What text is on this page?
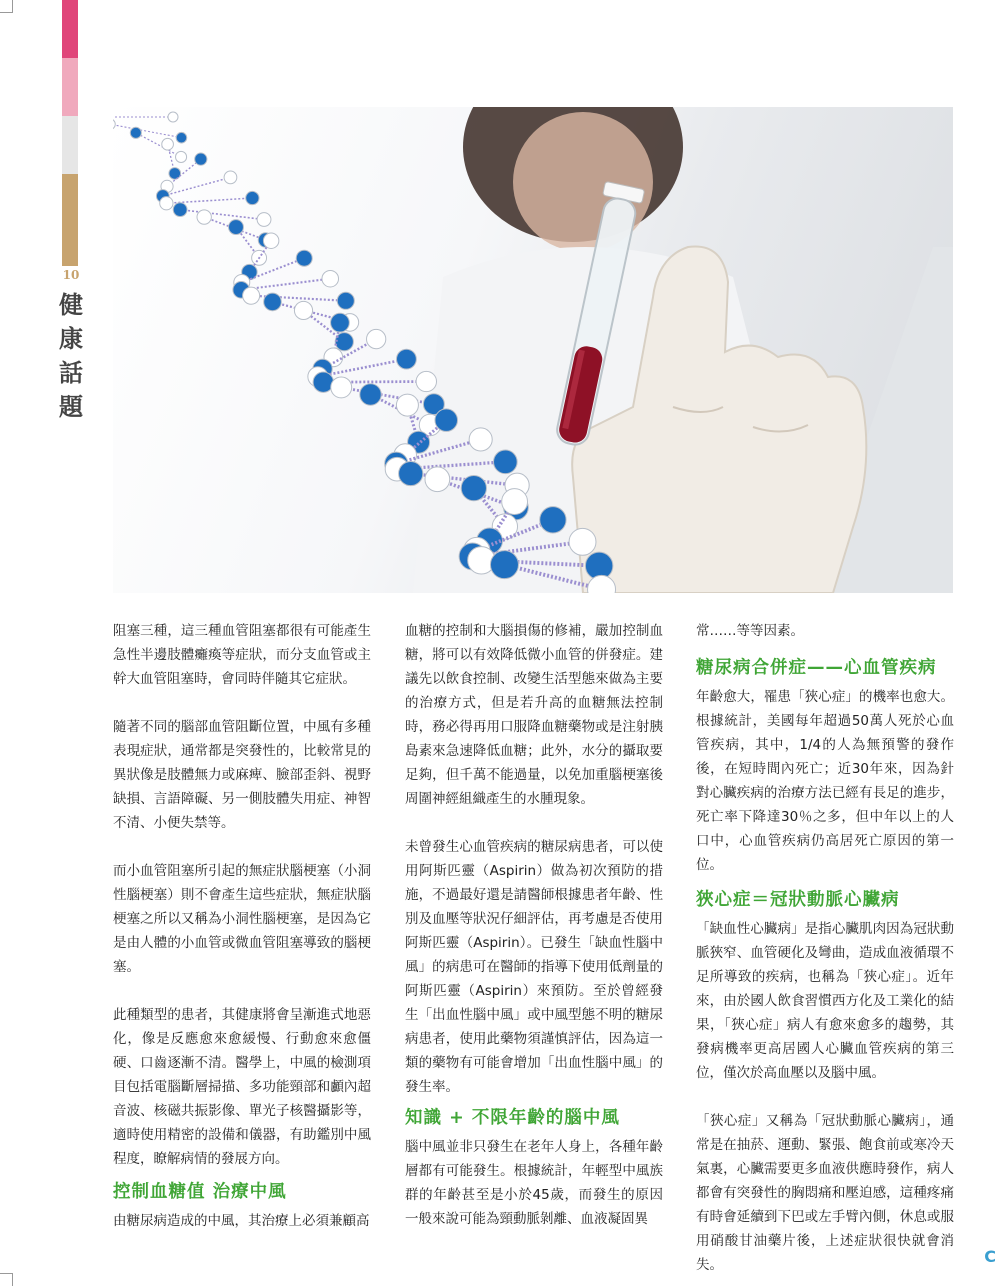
10
健康話題

阻塞三種，這三種血管阻塞都很有可能產生急性半邊肢體癱瘓等症狀，而分支血管或主幹大血管阻塞時，會同時伴隨其它症狀。

隨著不同的腦部血管阻斷位置，中風有多種表現症狀，通常都是突發性的，比較常見的異狀像是肢體無力或麻痺、臉部歪斜、視野缺損、言語障礙、另一側肢體失用症、神智不清、小便失禁等。

而小血管阻塞所引起的無症狀腦梗塞（小洞性腦梗塞）則不會產生這些症狀，無症狀腦梗塞之所以又稱為小洞性腦梗塞，是因為它是由人體的小血管或微血管阻塞導致的腦梗塞。

此種類型的患者，其健康將會呈漸進式地惡化，像是反應愈來愈緩慢、行動愈來愈僵硬、口齒逐漸不清。醫學上，中風的檢測項目包括電腦斷層掃描、多功能頸部和顱內超音波、核磁共振影像、單光子核醫攝影等，適時使用精密的設備和儀器，有助鑑別中風程度，瞭解病情的發展方向。

控制血糖值 治療中風

由糖尿病造成的中風，其治療上必須兼顧高

血糖的控制和大腦損傷的修補，嚴加控制血糖，將可以有效降低微小血管的併發症。建議先以飲食控制、改變生活型態來做為主要的治療方式，但是若升高的血糖無法控制時，務必得再用口服降血糖藥物或是注射胰島素來急速降低血糖；此外，水分的攝取要足夠，但千萬不能過量，以免加重腦梗塞後周圍神經組織產生的水腫現象。

未曾發生心血管疾病的糖尿病患者，可以使用阿斯匹靈（Aspirin）做為初次預防的措施，不過最好還是請醫師根據患者年齡、性別及血壓等狀況仔細評估，再考慮是否使用阿斯匹靈（Aspirin）。已發生「缺血性腦中風」的病患可在醫師的指導下使用低劑量的阿斯匹靈（Aspirin）來預防。至於曾經發生「出血性腦中風」或中風型態不明的糖尿病患者，使用此藥物須謹慎評估，因為這一類的藥物有可能會增加「出血性腦中風」的發生率。

知識 + 不限年齡的腦中風

腦中風並非只發生在老年人身上，各種年齡層都有可能發生。根據統計，年輕型中風族群的年齡甚至是小於45歲，而發生的原因一般來說可能為頸動脈剝離、血液凝固異

常……等等因素。

糖尿病合併症——心血管疾病

年齡愈大，罹患「狹心症」的機率也愈大。根據統計，美國每年超過50萬人死於心血管疾病，其中，1/4的人為無預警的發作後，在短時間內死亡；近30年來，因為針對心臟疾病的治療方法已經有長足的進步，死亡率下降達30％之多，但中年以上的人口中，心血管疾病仍高居死亡原因的第一位。

狹心症＝冠狀動脈心臟病

「缺血性心臟病」是指心臟肌肉因為冠狀動脈狹窄、血管硬化及彎曲，造成血液循環不足所導致的疾病，也稱為「狹心症」。近年來，由於國人飲食習慣西方化及工業化的結果，「狹心症」病人有愈來愈多的趨勢，其發病機率更高居國人心臟血管疾病的第三位，僅次於高血壓以及腦中風。

「狹心症」又稱為「冠狀動脈心臟病」，通常是在抽菸、運動、緊張、飽食前或寒冷天氣裏，心臟需要更多血液供應時發作，病人都會有突發性的胸悶痛和壓迫感，這種疼痛有時會延續到下巴或左手臂內側，休息或服用硝酸甘油藥片後，上述症狀很快就會消失。	C
